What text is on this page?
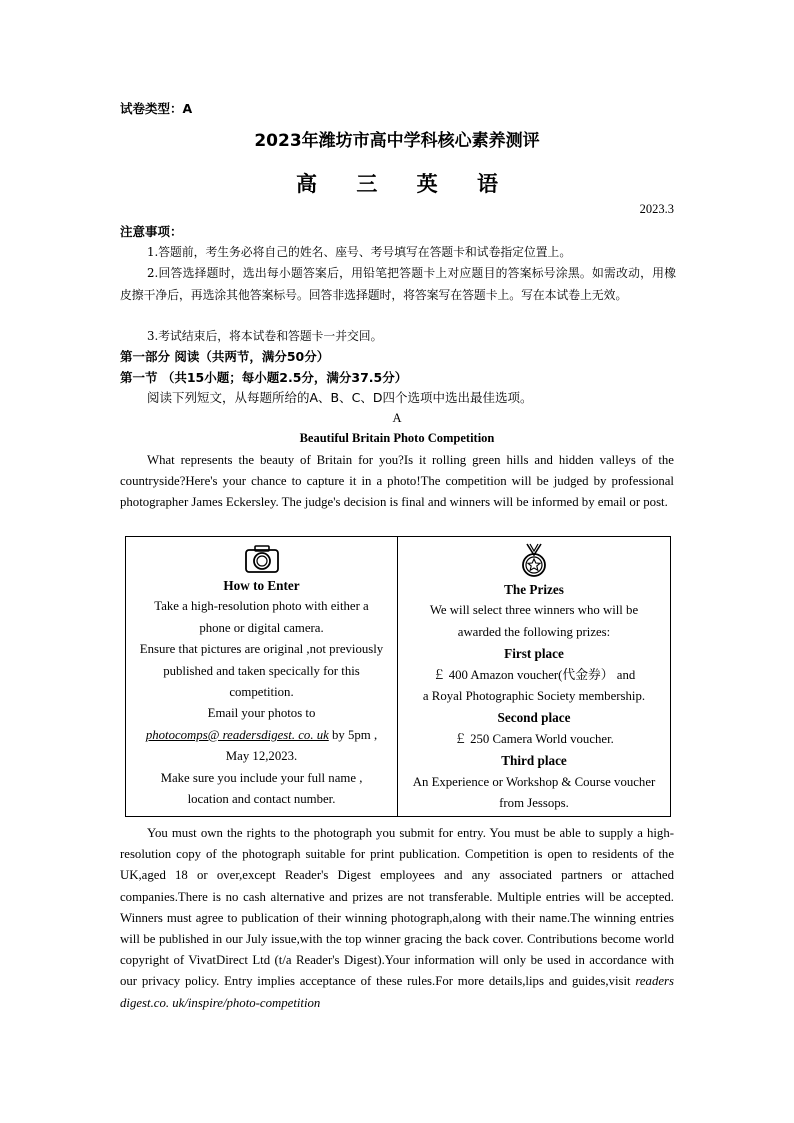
试卷类型：A
2023年潍坊市高中学科核心素养测评
高 三 英 语
2023.3
注意事项：
1.答题前，考生务必将自己的姓名、座号、考号填写在答题卡和试卷指定位置上。
2.回答选择题时，选出每小题答案后，用铅笔把答题卡上对应题目的答案标号涂黑。如需改动，用橡皮擦干净后，再选涂其他答案标号。回答非选择题时，将答案写在答题卡上。写在本试卷上无效。
3.考试结束后，将本试卷和答题卡一并交回。
第一部分 阅读（共两节，满分50分）
第一节 （共15小题；每小题2.5分，满分37.5分）
阅读下列短文，从每题所给的A、B、C、D四个选项中选出最佳选项。
A
Beautiful Britain Photo Competition
What represents the beauty of Britain for you?Is it rolling green hills and hidden valleys of the countryside?Here's your chance to capture it in a photo!The competition will be judged by professional photographer James Eckersley. The judge's decision is final and winners will be informed by email or post.
How to Enter
Take a high-resolution photo with either a
phone or digital camera.
Ensure that pictures are original ,not previously
published and taken specically for this
competition.
Email your photos to
photocomps@ readersdigest. co. uk by 5pm ,
May 12,2023.
Make sure you include your full name ,
location and contact number.
The Prizes
We will select three winners who will be
awarded the following prizes:
First place
￡ 400 Amazon voucher(代金券） and
a Royal Photographic Society membership.
Second place
￡ 250 Camera World voucher.
Third place
An Experience or Workshop & Course voucher
from Jessops.
You must own the rights to the photograph you submit for entry. You must be able to supply a high-resolution copy of the photograph suitable for print publication. Competition is open to residents of the UK,aged 18 or over,except Reader's Digest employees and any associated partners or attached companies.There is no cash alternative and prizes are not transferable. Multiple entries will be accepted. Winners must agree to publication of their winning photograph,along with their name.The winning entries will be published in our July issue,with the top winner gracing the back cover. Contributions become world copyright of VivatDirect Ltd (t/a Reader's Digest).Your information will only be used in accordance with our privacy policy. Entry implies acceptance of these rules.For more details,lips and guides,visit readers digest.co. uk/inspire/photo-competition
